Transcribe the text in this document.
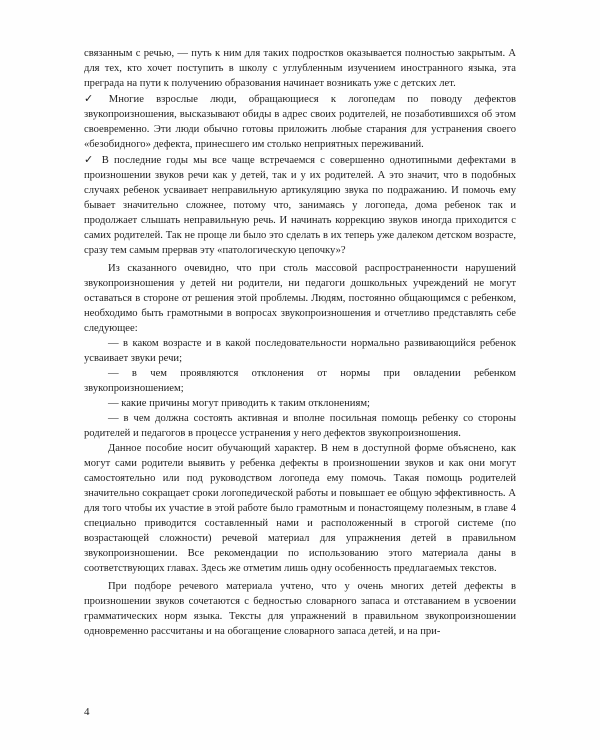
связанным с речью, — путь к ним для таких подростков оказывается полностью закрытым. А для тех, кто хочет поступить в школу с углубленным изучением иностранного языка, эта преграда на пути к получению образования начинает возникать уже с детских лет.

✓ Многие взрослые люди, обращающиеся к логопедам по поводу дефектов звукопроизношения, высказывают обиды в адрес своих родителей, не позаботившихся об этом своевременно. Эти люди обычно готовы приложить любые старания для устранения своего «безобидного» дефекта, принесшего им столько неприятных переживаний.

✓ В последние годы мы все чаще встречаемся с совершенно однотипными дефектами в произношении звуков речи как у детей, так и у их родителей. А это значит, что в подобных случаях ребенок усваивает неправильную артикуляцию звука по подражанию. И помочь ему бывает значительно сложнее, потому что, занимаясь у логопеда, дома ребенок так и продолжает слышать неправильную речь. И начинать коррекцию звуков иногда приходится с самих родителей. Так не проще ли было это сделать в их теперь уже далеком детском возрасте, сразу тем самым прервав эту «патологическую цепочку»?

Из сказанного очевидно, что при столь массовой распространенности нарушений звукопроизношения у детей ни родители, ни педагоги дошкольных учреждений не могут оставаться в стороне от решения этой проблемы. Людям, постоянно общающимся с ребенком, необходимо быть грамотными в вопросах звукопроизношения и отчетливо представлять себе следующее:

— в каком возрасте и в какой последовательности нормально развивающийся ребенок усваивает звуки речи;

— в чем проявляются отклонения от нормы при овладении ребенком звукопроизношением;

— какие причины могут приводить к таким отклонениям;

— в чем должна состоять активная и вполне посильная помощь ребенку со стороны родителей и педагогов в процессе устранения у него дефектов звукопроизношения.

Данное пособие носит обучающий характер. В нем в доступной форме объяснено, как могут сами родители выявить у ребенка дефекты в произношении звуков и как они могут самостоятельно или под руководством логопеда ему помочь. Такая помощь родителей значительно сокращает сроки логопедической работы и повышает ее общую эффективность. А для того чтобы их участие в этой работе было грамотным и понастоящему полезным, в главе 4 специально приводится составленный нами и расположенный в строгой системе (по возрастающей сложности) речевой материал для упражнения детей в правильном звукопроизношении. Все рекомендации по использованию этого материала даны в соответствующих главах. Здесь же отметим лишь одну особенность предлагаемых текстов.

При подборе речевого материала учтено, что у очень многих детей дефекты в произношении звуков сочетаются с бедностью словарного запаса и отставанием в усвоении грамматических норм языка. Тексты для упражнений в правильном звукопроизношении одновременно рассчитаны и на обогащение словарного запаса детей, и на при-

4
